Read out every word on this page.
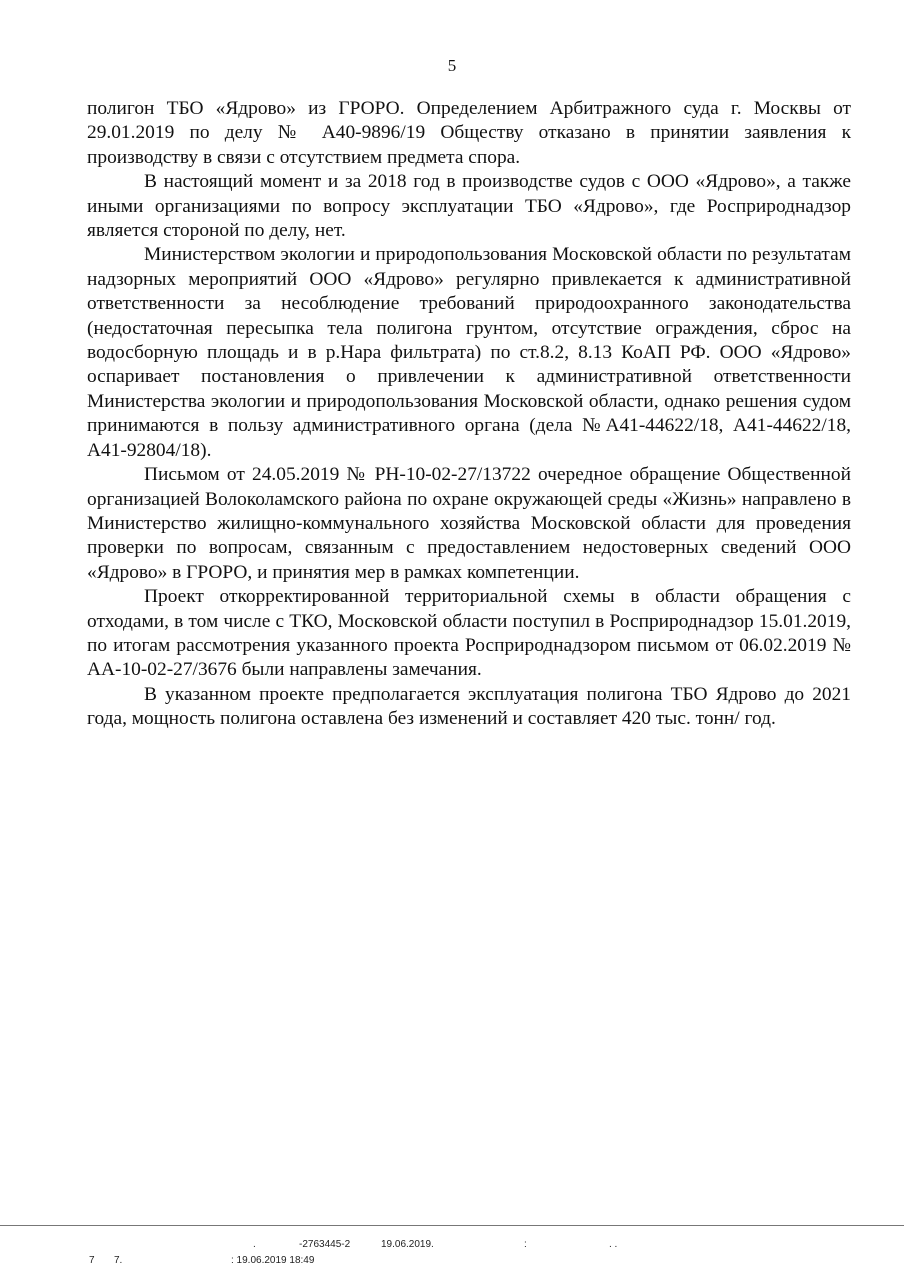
5

полигон ТБО «Ядрово» из ГРОРО. Определением Арбитражного суда г. Москвы от 29.01.2019 по делу № А40-9896/19 Обществу отказано в принятии заявления к производству в связи с отсутствием предмета спора.

В настоящий момент и за 2018 год в производстве судов с ООО «Ядрово», а также иными организациями по вопросу эксплуатации ТБО «Ядрово», где Росприроднадзор является стороной по делу, нет.

Министерством экологии и природопользования Московской области по результатам надзорных мероприятий ООО «Ядрово» регулярно привлекается к административной ответственности за несоблюдение требований природоохранного законодательства (недостаточная пересыпка тела полигона грунтом, отсутствие ограждения, сброс на водосборную площадь и в р.Нара фильтрата) по ст.8.2, 8.13 КоАП РФ. ООО «Ядрово» оспаривает постановления о привлечении к административной ответственности Министерства экологии и природопользования Московской области, однако решения судом принимаются в пользу административного органа (дела №А41-44622/18, А41-44622/18, А41-92804/18).

Письмом от 24.05.2019 № РН-10-02-27/13722 очередное обращение Общественной организацией Волоколамского района по охране окружающей среды «Жизнь» направлено в Министерство жилищно-коммунального хозяйства Московской области для проведения проверки по вопросам, связанным с предоставлением недостоверных сведений ООО «Ядрово» в ГРОРО, и принятия мер в рамках компетенции.

Проект откорректированной территориальной схемы в области обращения с отходами, в том числе с ТКО, Московской области поступил в Росприроднадзор 15.01.2019, по итогам рассмотрения указанного проекта Росприроднадзором письмом от 06.02.2019 № АА-10-02-27/3676 были направлены замечания.

В указанном проекте предполагается эксплуатация полигона ТБО Ядрово до 2021 года, мощность полигона оставлена без изменений и составляет 420 тыс. тонн/ год.

.	-2763445-2	19.06.2019.	:	. .
7 7.	: 19.06.2019 18:49
